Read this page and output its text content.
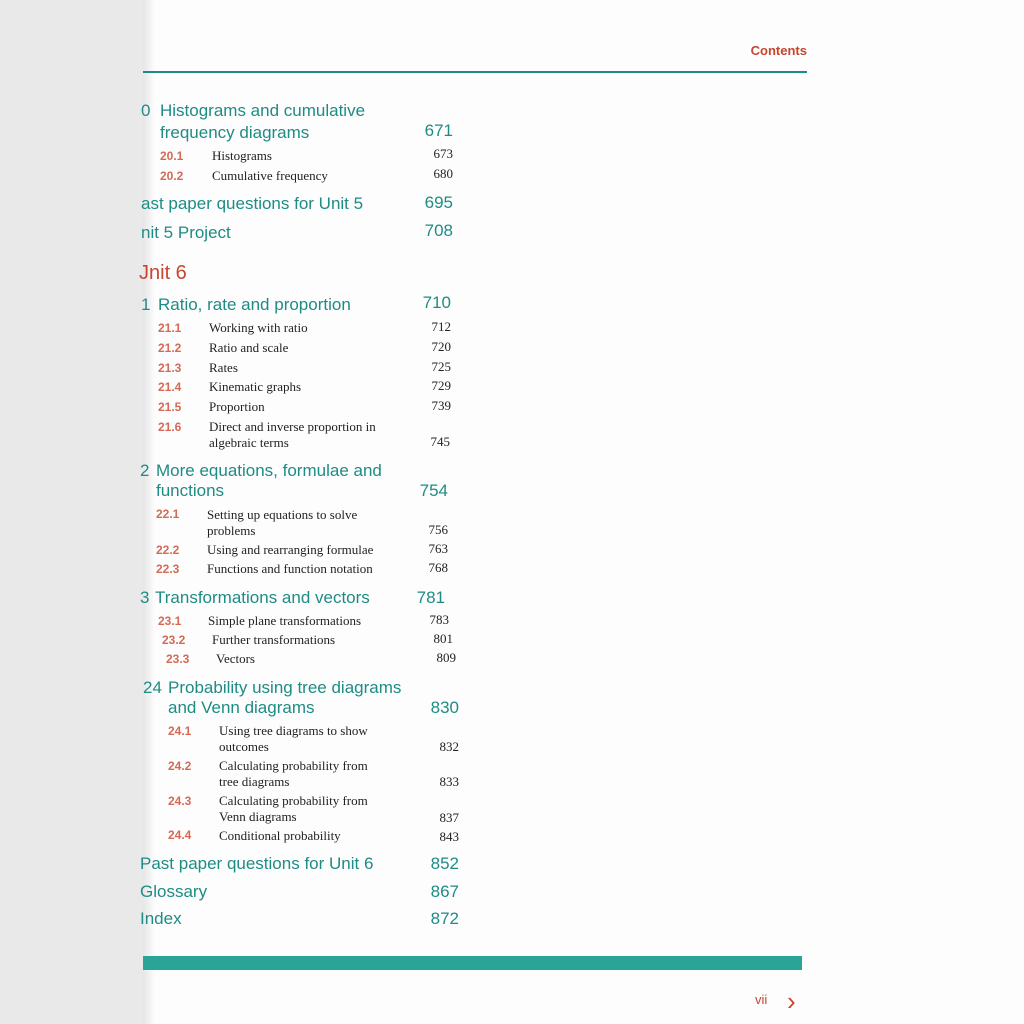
Contents
0 Histograms and cumulative
frequency diagrams	671
20.1 Histograms	673
20.2 Cumulative frequency	680
ast paper questions for Unit 5	695
nit 5 Project	708
Jnit 6
1 Ratio, rate and proportion	710
21.1 Working with ratio	712
21.2 Ratio and scale	720
21.3 Rates	725
21.4 Kinematic graphs	729
21.5 Proportion	739
21.6 Direct and inverse proportion in
algebraic terms	745
2 More equations, formulae and
functions	754
22.1 Setting up equations to solve
problems	756
22.2 Using and rearranging formulae	763
22.3 Functions and function notation	768
3 Transformations and vectors	781
23.1 Simple plane transformations	783
23.2 Further transformations	801
23.3 Vectors	809
24 Probability using tree diagrams
and Venn diagrams	830
24.1 Using tree diagrams to show
outcomes	832
24.2 Calculating probability from
tree diagrams	833
24.3 Calculating probability from
Venn diagrams	837
24.4 Conditional probability	843
Past paper questions for Unit 6	852
Glossary	867
Index	872
vii ›
